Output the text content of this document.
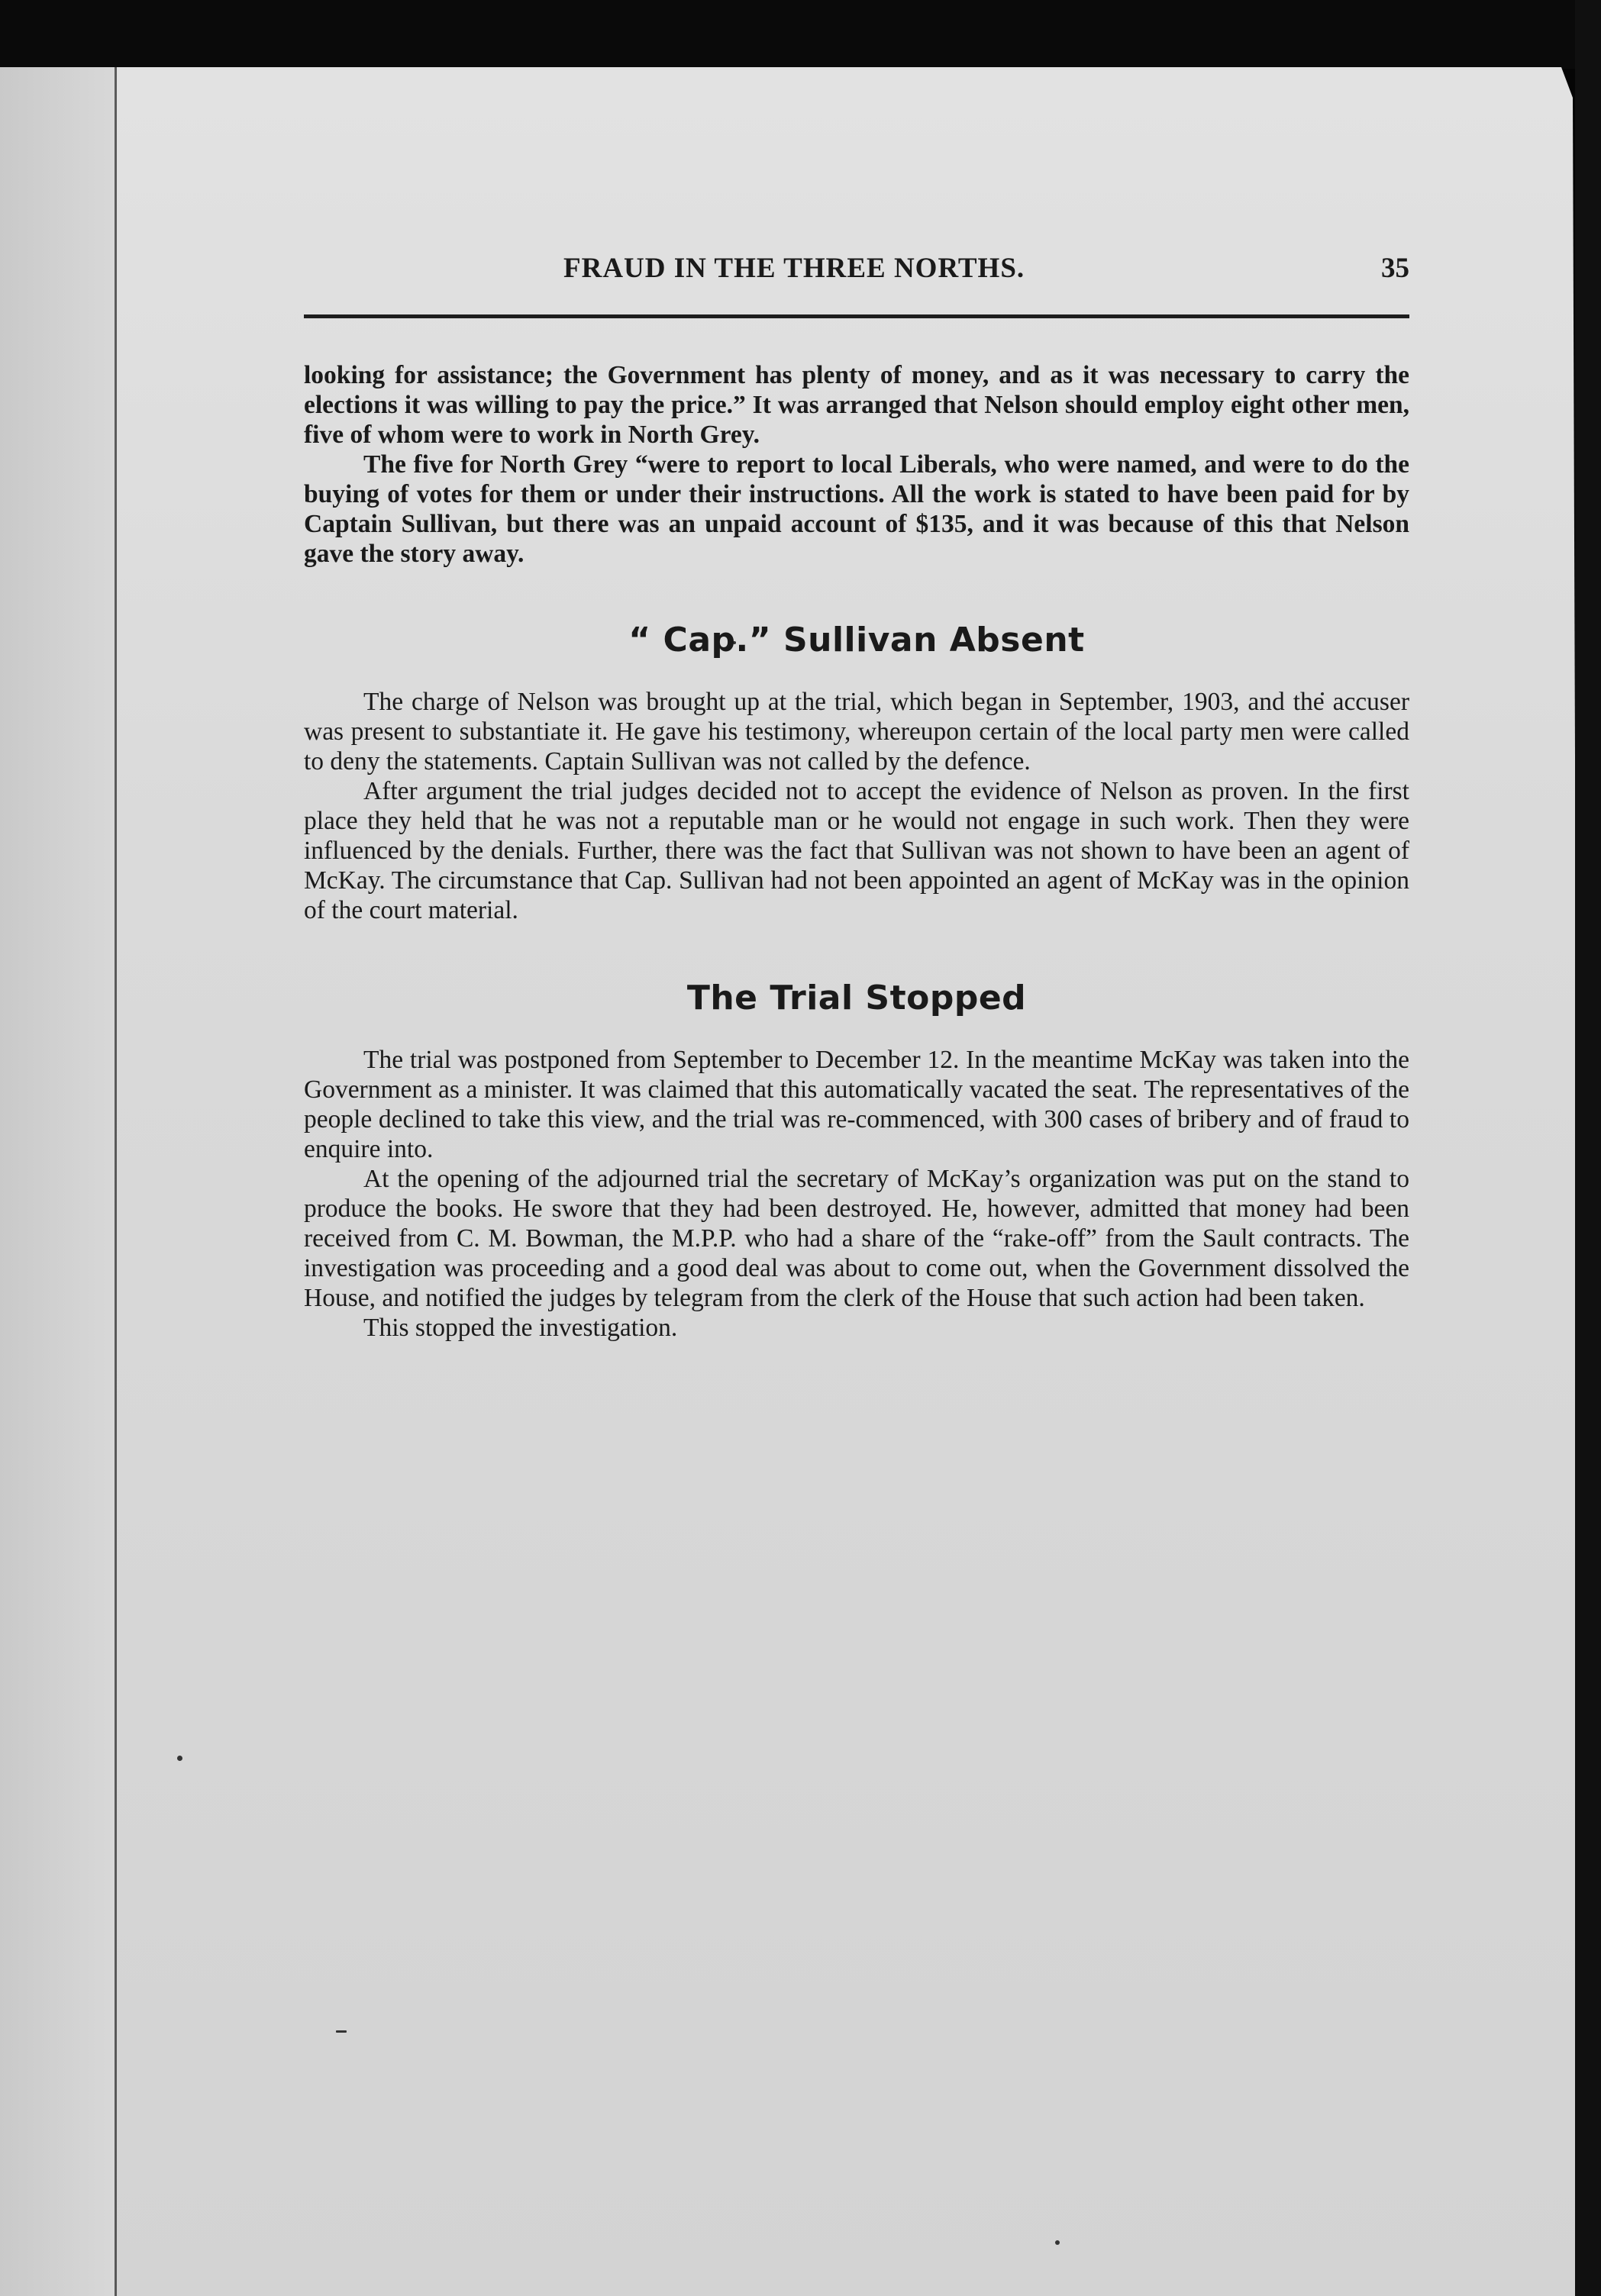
FRAUD IN THE THREE NORTHS.	35

looking for assistance; the Government has plenty of money, and as it was necessary to carry the elections it was willing to pay the price.” It was arranged that Nelson should employ eight other men, five of whom were to work in North Grey.

The five for North Grey “were to report to local Liberals, who were named, and were to do the buying of votes for them or under their instructions. All the work is stated to have been paid for by Captain Sullivan, but there was an unpaid account of $135, and it was because of this that Nelson gave the story away.

“ Cap.” Sullivan Absent

The charge of Nelson was brought up at the trial, which began in September, 1903, and the accuser was present to substantiate it. He gave his testimony, whereupon certain of the local party men were called to deny the statements. Captain Sullivan was not called by the defence.

After argument the trial judges decided not to accept the evidence of Nelson as proven. In the first place they held that he was not a reputable man or he would not engage in such work. Then they were influenced by the denials. Further, there was the fact that Sullivan was not shown to have been an agent of McKay. The circumstance that Cap. Sullivan had not been appointed an agent of McKay was in the opinion of the court material.

The Trial Stopped

The trial was postponed from September to December 12. In the meantime McKay was taken into the Government as a minister. It was claimed that this automatically vacated the seat. The representatives of the people declined to take this view, and the trial was re-commenced, with 300 cases of bribery and of fraud to enquire into.

At the opening of the adjourned trial the secretary of McKay’s organization was put on the stand to produce the books. He swore that they had been destroyed. He, however, admitted that money had been received from C. M. Bowman, the M.P.P. who had a share of the “rake-off” from the Sault contracts. The investigation was proceeding and a good deal was about to come out, when the Government dissolved the House, and notified the judges by telegram from the clerk of the House that such action had been taken.

This stopped the investigation.
